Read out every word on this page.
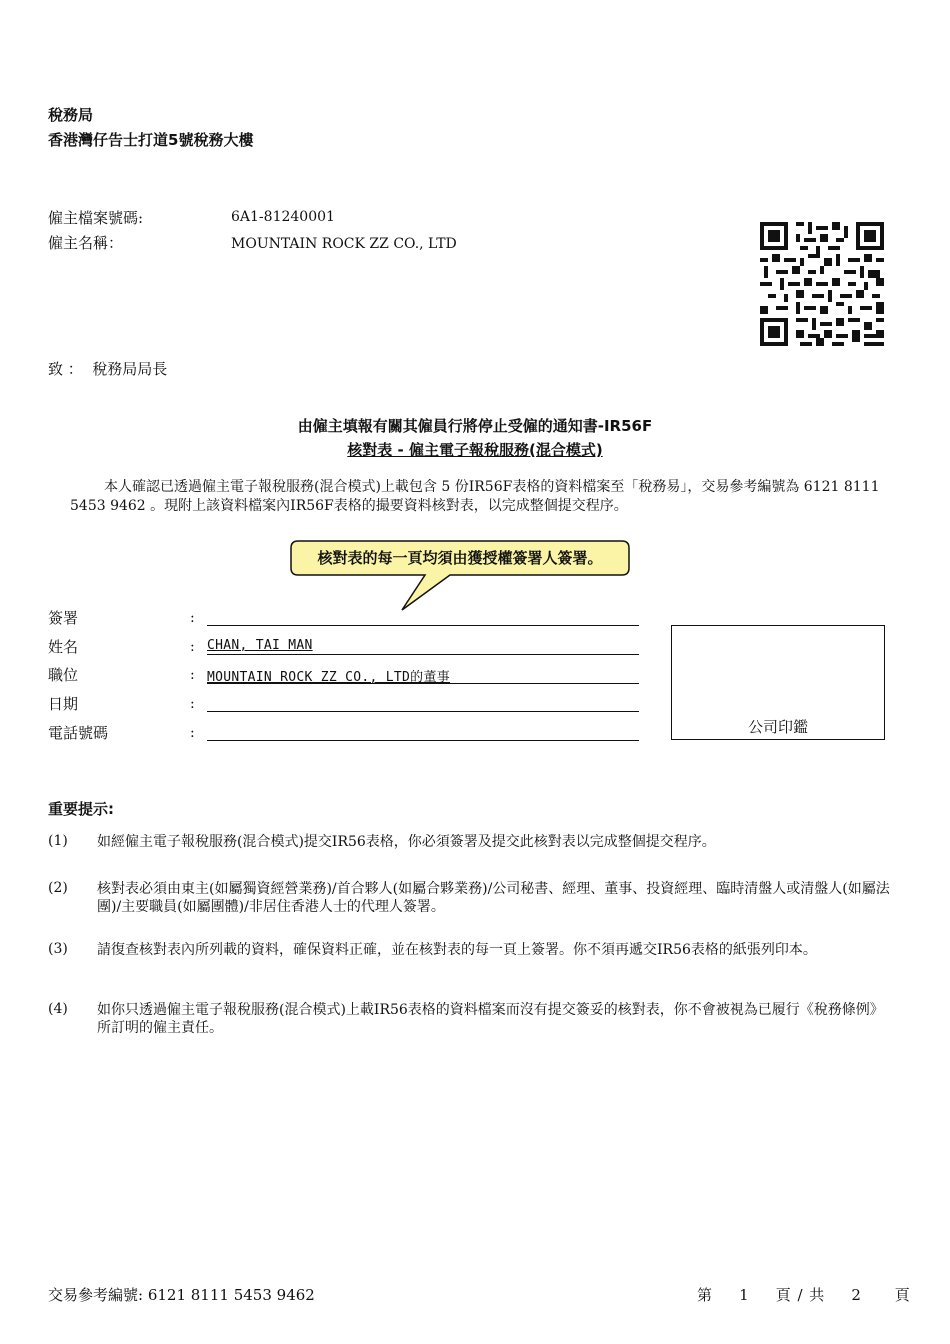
稅務局
香港灣仔告士打道5號稅務大樓
僱主檔案號碼:	6A1-81240001
僱主名稱：	MOUNTAIN ROCK ZZ CO., LTD
致 ：  稅務局局長
由僱主填報有關其僱員行將停止受僱的通知書-IR56F
核對表 - 僱主電子報稅服務(混合模式)
本人確認已透過僱主電子報稅服務(混合模式)上載包含 5 份IR56F表格的資料檔案至「稅務易」，交易參考編號為 6121 8111 5453 9462 。現附上該資料檔案內IR56F表格的撮要資料核對表，以完成整個提交程序。
核對表的每一頁均須由獲授權簽署人簽署。
簽署	:
姓名	: CHAN, TAI MAN
職位	: MOUNTAIN ROCK ZZ CO., LTD的董事
日期	:
電話號碼	:	公司印鑑
重要提示:
(1) 如經僱主電子報稅服務(混合模式)提交IR56表格，你必須簽署及提交此核對表以完成整個提交程序。
(2) 核對表必須由東主(如屬獨資經營業務)/首合夥人(如屬合夥業務)/公司秘書、經理、董事、投資經理、臨時清盤人或清盤人(如屬法團)/主要職員(如屬團體)/非居住香港人士的代理人簽署。
(3) 請復查核對表內所列載的資料，確保資料正確，並在核對表的每一頁上簽署。你不須再遞交IR56表格的紙張列印本。
(4) 如你只透過僱主電子報稅服務(混合模式)上載IR56表格的資料檔案而沒有提交簽妥的核對表，你不會被視為已履行《稅務條例》所訂明的僱主責任。
交易參考編號: 6121 8111 5453 9462	第 1 頁 / 共 2 頁
